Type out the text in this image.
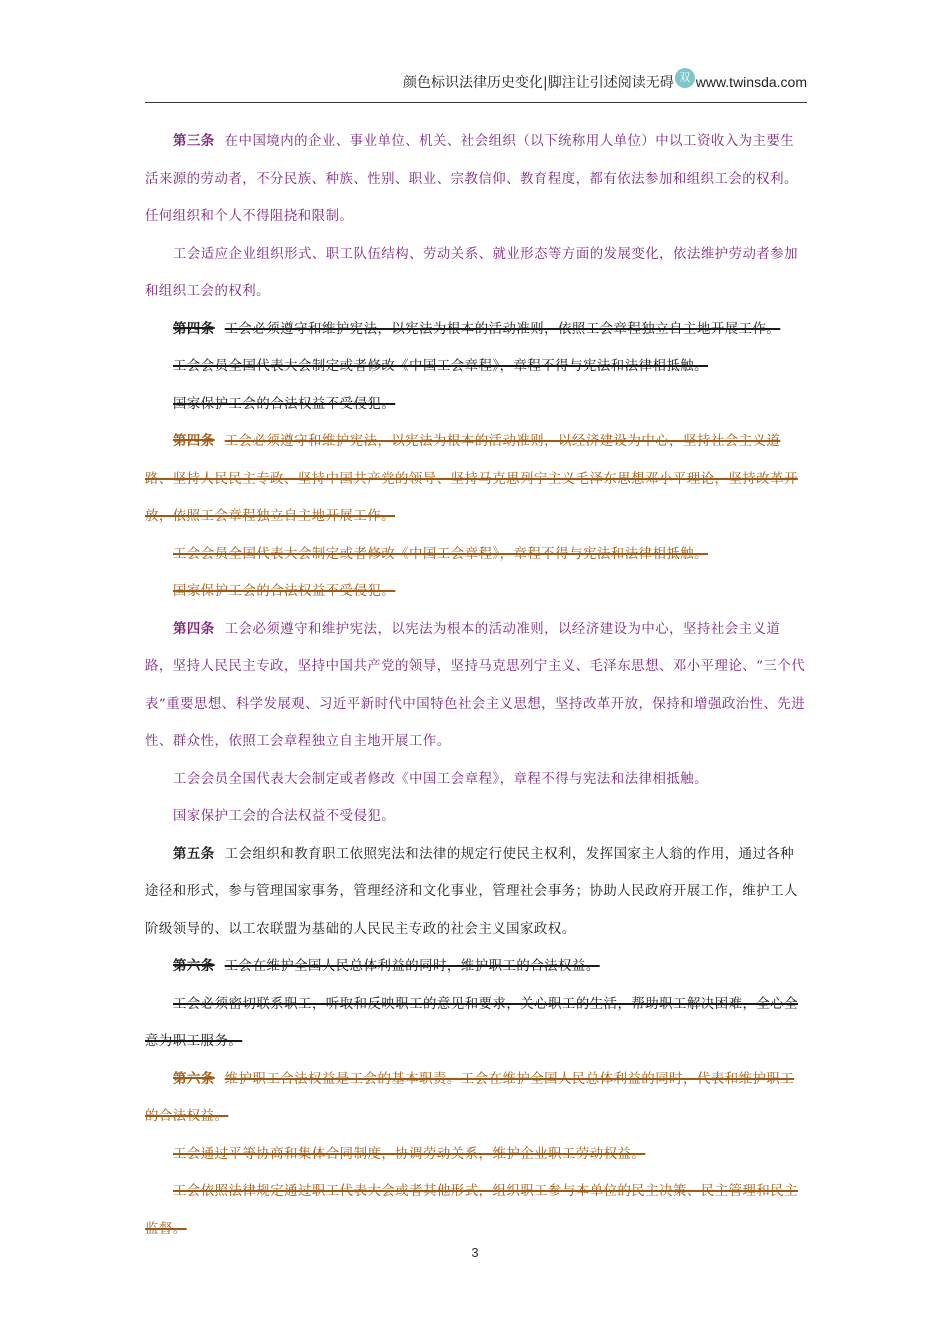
颜色标识法律历史变化|脚注让引述阅读无碍 双 www.twinsda.com

第三条 在中国境内的企业、事业单位、机关、社会组织（以下统称用人单位）中以工资收入为主要生活来源的劳动者，不分民族、种族、性别、职业、宗教信仰、教育程度，都有依法参加和组织工会的权利。任何组织和个人不得阻挠和限制。

工会适应企业组织形式、职工队伍结构、劳动关系、就业形态等方面的发展变化，依法维护劳动者参加和组织工会的权利。

第四条 工会必须遵守和维护宪法，以宪法为根本的活动准则，依照工会章程独立自主地开展工作。

工会会员全国代表大会制定或者修改《中国工会章程》，章程不得与宪法和法律相抵触。

国家保护工会的合法权益不受侵犯。

第四条 工会必须遵守和维护宪法，以宪法为根本的活动准则，以经济建设为中心，坚持社会主义道路、坚持人民民主专政、坚持中国共产党的领导、坚持马克思列宁主义毛泽东思想邓小平理论，坚持改革开放，依照工会章程独立自主地开展工作。

工会会员全国代表大会制定或者修改《中国工会章程》，章程不得与宪法和法律相抵触。

国家保护工会的合法权益不受侵犯。

第四条 工会必须遵守和维护宪法，以宪法为根本的活动准则，以经济建设为中心，坚持社会主义道路，坚持人民民主专政，坚持中国共产党的领导，坚持马克思列宁主义、毛泽东思想、邓小平理论、“三个代表”重要思想、科学发展观、习近平新时代中国特色社会主义思想，坚持改革开放，保持和增强政治性、先进性、群众性，依照工会章程独立自主地开展工作。

工会会员全国代表大会制定或者修改《中国工会章程》，章程不得与宪法和法律相抵触。

国家保护工会的合法权益不受侵犯。

第五条 工会组织和教育职工依照宪法和法律的规定行使民主权利，发挥国家主人翁的作用，通过各种途径和形式，参与管理国家事务，管理经济和文化事业，管理社会事务；协助人民政府开展工作，维护工人阶级领导的、以工农联盟为基础的人民民主专政的社会主义国家政权。

第六条 工会在维护全国人民总体利益的同时，维护职工的合法权益。

工会必须密切联系职工，听取和反映职工的意见和要求，关心职工的生活，帮助职工解决困难，全心全意为职工服务。

第六条 维护职工合法权益是工会的基本职责。工会在维护全国人民总体利益的同时，代表和维护职工的合法权益。

工会通过平等协商和集体合同制度，协调劳动关系，维护企业职工劳动权益。

工会依照法律规定通过职工代表大会或者其他形式，组织职工参与本单位的民主决策、民主管理和民主监督。

3
